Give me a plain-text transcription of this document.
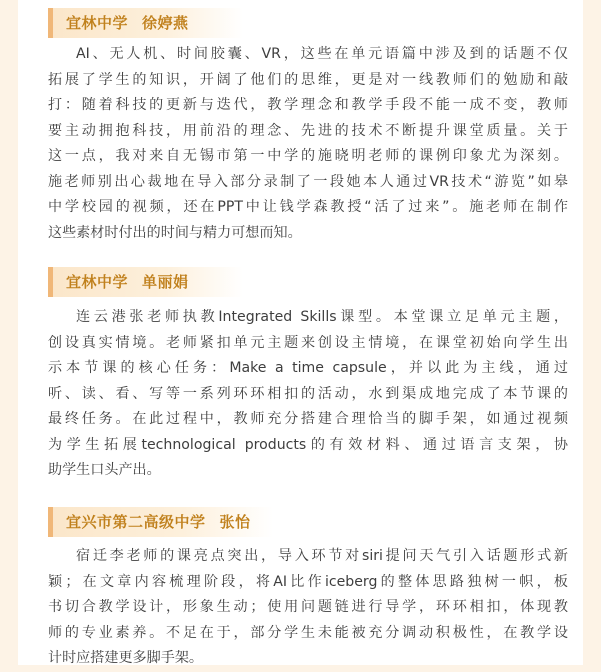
宜林中学 徐婷燕
AI、无人机、时间胶囊、VR，这些在单元语篇中涉及到的话题不仅
拓展了学生的知识，开阔了他们的思维，更是对一线教师们的勉励和敲
打：随着科技的更新与迭代，教学理念和教学手段不能一成不变，教师
要主动拥抱科技，用前沿的理念、先进的技术不断提升课堂质量。关于
这一点，我对来自无锡市第一中学的施晓明老师的课例印象尤为深刻。
施老师别出心裁地在导入部分录制了一段她本人通过VR技术“游览”如皋
中学校园的视频，还在PPT中让钱学森教授“活了过来”。施老师在制作
这些素材时付出的时间与精力可想而知。
宜林中学 单丽娟
连云港张老师执教Integrated Skills课型。本堂课立足单元主题，
创设真实情境。老师紧扣单元主题来创设主情境，在课堂初始向学生出
示本节课的核心任务：Make a time capsule，并以此为主线，通过
听、读、看、写等一系列环环相扣的活动，水到渠成地完成了本节课的
最终任务。在此过程中，教师充分搭建合理恰当的脚手架，如通过视频
为学生拓展technological products的有效材料、通过语言支架，协
助学生口头产出。
宜兴市第二高级中学 张怡
宿迁李老师的课亮点突出，导入环节对siri提问天气引入话题形式新
颖；在文章内容梳理阶段，将AI比作iceberg的整体思路独树一帜，板
书切合教学设计，形象生动；使用问题链进行导学，环环相扣，体现教
师的专业素养。不足在于，部分学生未能被充分调动积极性，在教学设
计时应搭建更多脚手架。
